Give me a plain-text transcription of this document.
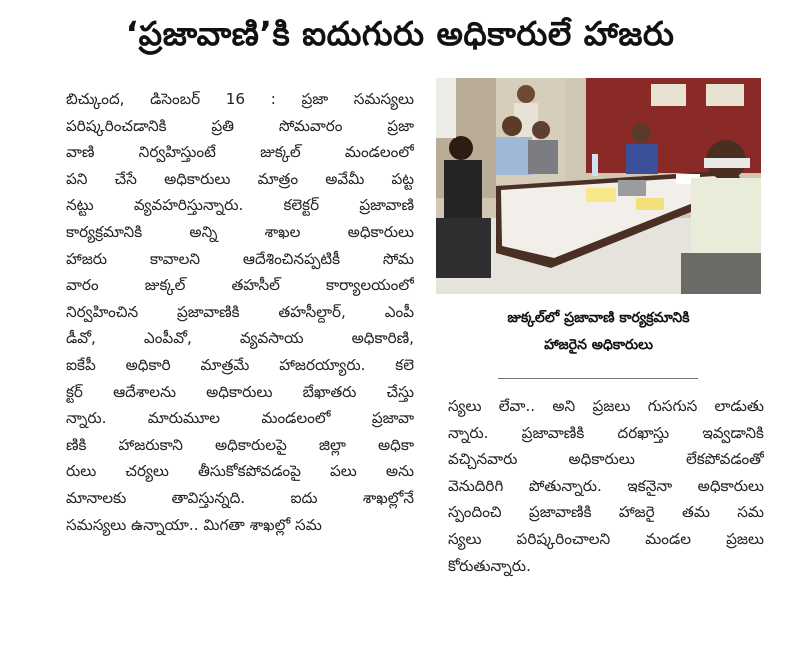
‘ప్రజావాణి’కి ఐదుగురు అధికారులే హాజరు
బిచ్కుంద, డిసెంబర్ 16 : ప్రజా సమస్యలు
పరిష్కరించడానికి ప్రతి సోమవారం ప్రజా
వాణి నిర్వహిస్తుంటే జుక్కల్ మండలంలో
పని చేసే అధికారులు మాత్రం అవేమీ పట్ట
నట్టు వ్యవహరిస్తున్నారు. కలెక్టర్ ప్రజావాణి
కార్యక్రమానికి అన్ని శాఖల అధికారులు
హాజరు కావాలని ఆదేశించినప్పటికీ సోమ
వారం జుక్కల్ తహసీల్ కార్యాలయంలో
నిర్వహించిన ప్రజావాణికి తహసీల్దార్, ఎంపీ
డీవో, ఎంపీవో, వ్యవసాయ అధికారిణి,
ఐకేపీ అధికారి మాత్రమే హాజరయ్యారు. కలె
క్టర్ ఆదేశాలను అధికారులు బేఖాతరు చేస్తు
న్నారు. మారుమూల మండలంలో ప్రజావా
ణికి హాజరుకాని అధికారులపై జిల్లా అధికా
రులు చర్యలు తీసుకోకపోవడంపై పలు అను
మానాలకు తావిస్తున్నది. ఐదు శాఖల్లోనే
సమస్యలు ఉన్నాయా.. మిగతా శాఖల్లో సమ
జుక్కల్‌లో ప్రజావాణి కార్యక్రమానికి
హాజరైన అధికారులు
స్యలు లేవా.. అని ప్రజలు గుసగుస లాడుతు
న్నారు. ప్రజావాణికి దరఖాస్తు ఇవ్వడానికి
వచ్చినవారు అధికారులు లేకపోవడంతో
వెనుదిరిగి పోతున్నారు. ఇకనైనా అధికారులు
స్పందించి ప్రజావాణికి హాజరై తమ సమ
స్యలు పరిష్కరించాలని మండల ప్రజలు
కోరుతున్నారు.
